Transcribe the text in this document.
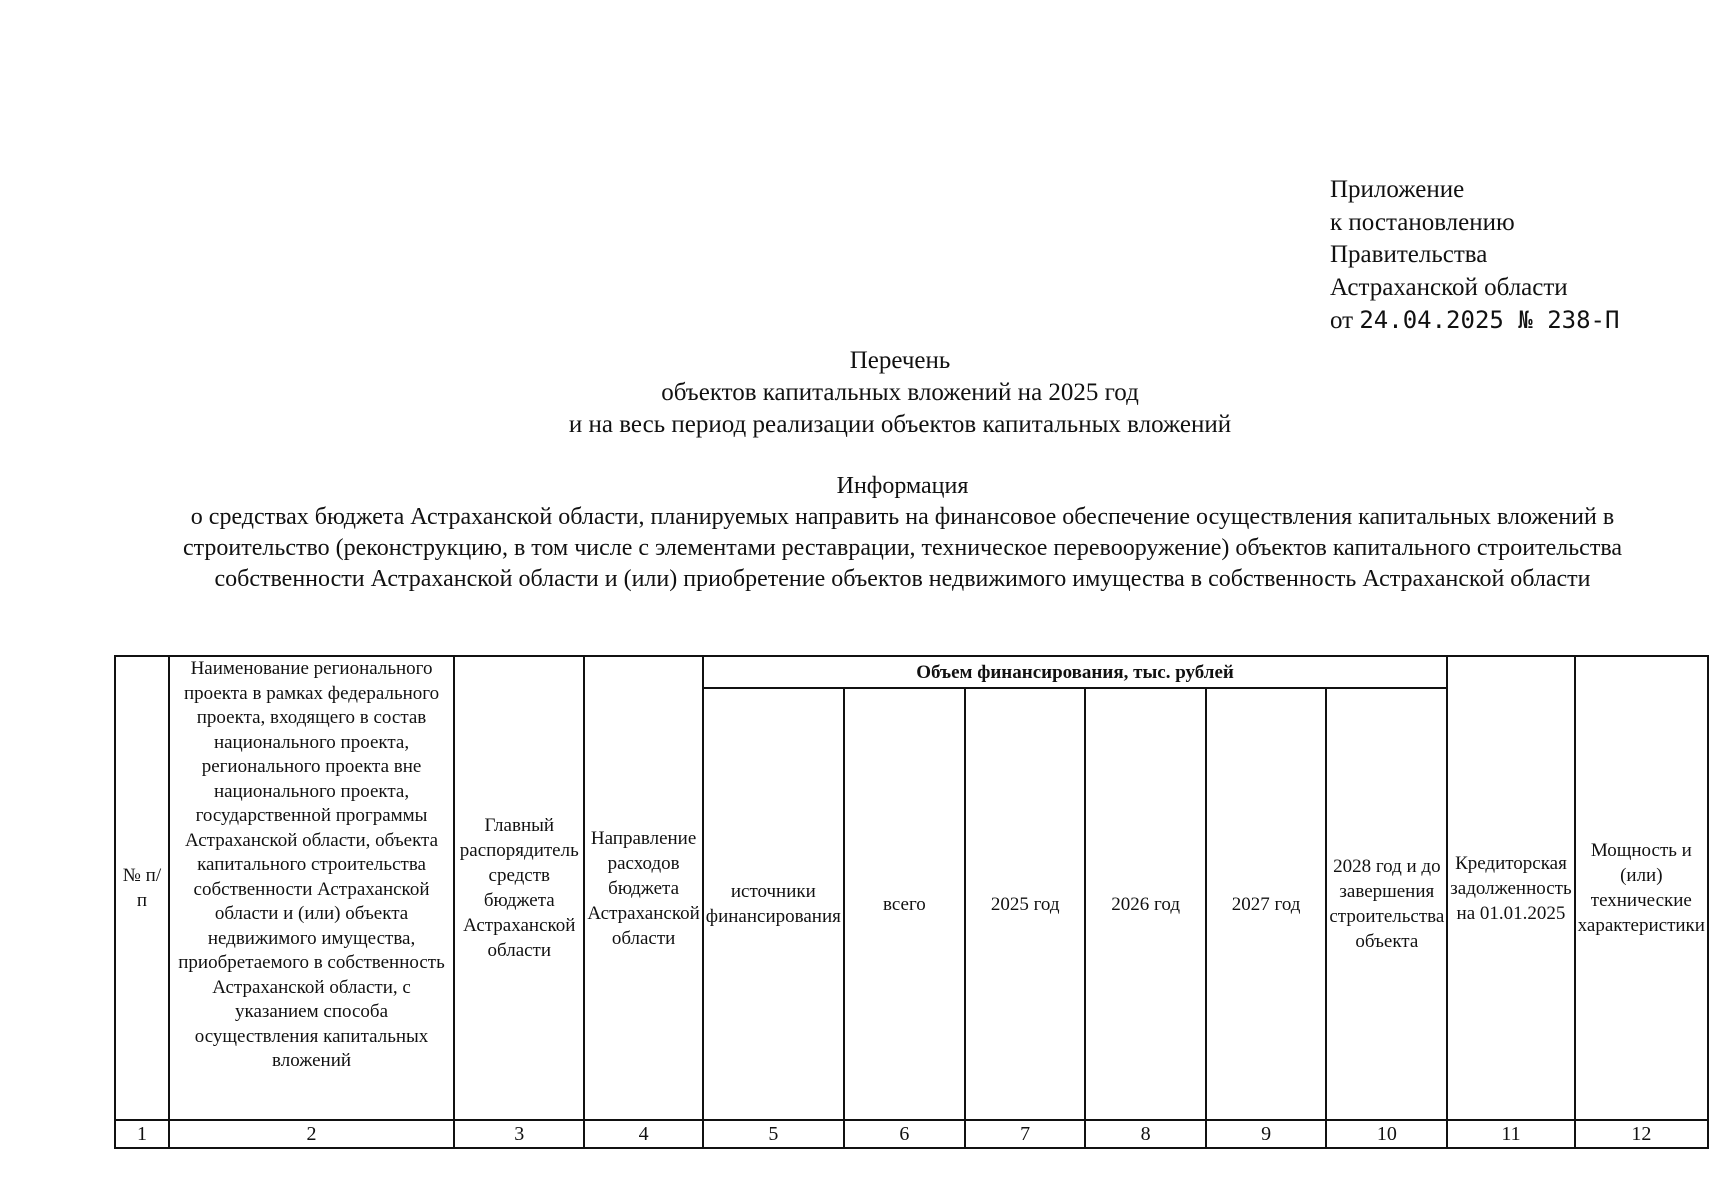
Приложение
к постановлению
Правительства
Астраханской области
от 24.04.2025 № 238-П
Перечень
объектов капитальных вложений на 2025 год
и на весь период реализации объектов капитальных вложений
Информация
о средствах бюджета Астраханской области, планируемых направить на финансовое обеспечение осуществления капитальных вложений в строительство (реконструкцию, в том числе с элементами реставрации, техническое перевооружение) объектов капитального строительства собственности Астраханской области и (или) приобретение объектов недвижимого имущества в собственность Астраханской области
№ п/п	Наименование регионального проекта в рамках федерального проекта, входящего в состав национального проекта, регионального проекта вне национального проекта, государственной программы Астраханской области, объекта капитального строительства собственности Астраханской области и (или) объекта недвижимого имущества, приобретаемого в собственность Астраханской области, с указанием способа осуществления капитальных вложений	Главный распорядитель средств бюджета Астраханской области	Направление расходов бюджета Астраханской области	Объем финансирования, тыс. рублей						Кредиторская задолженность на 01.01.2025	Мощность и (или) технические характеристики
				источники финансирования	всего	2025 год	2026 год	2027 год	2028 год и до завершения строительства объекта		
1	2	3	4	5	6	7	8	9	10	11	12
